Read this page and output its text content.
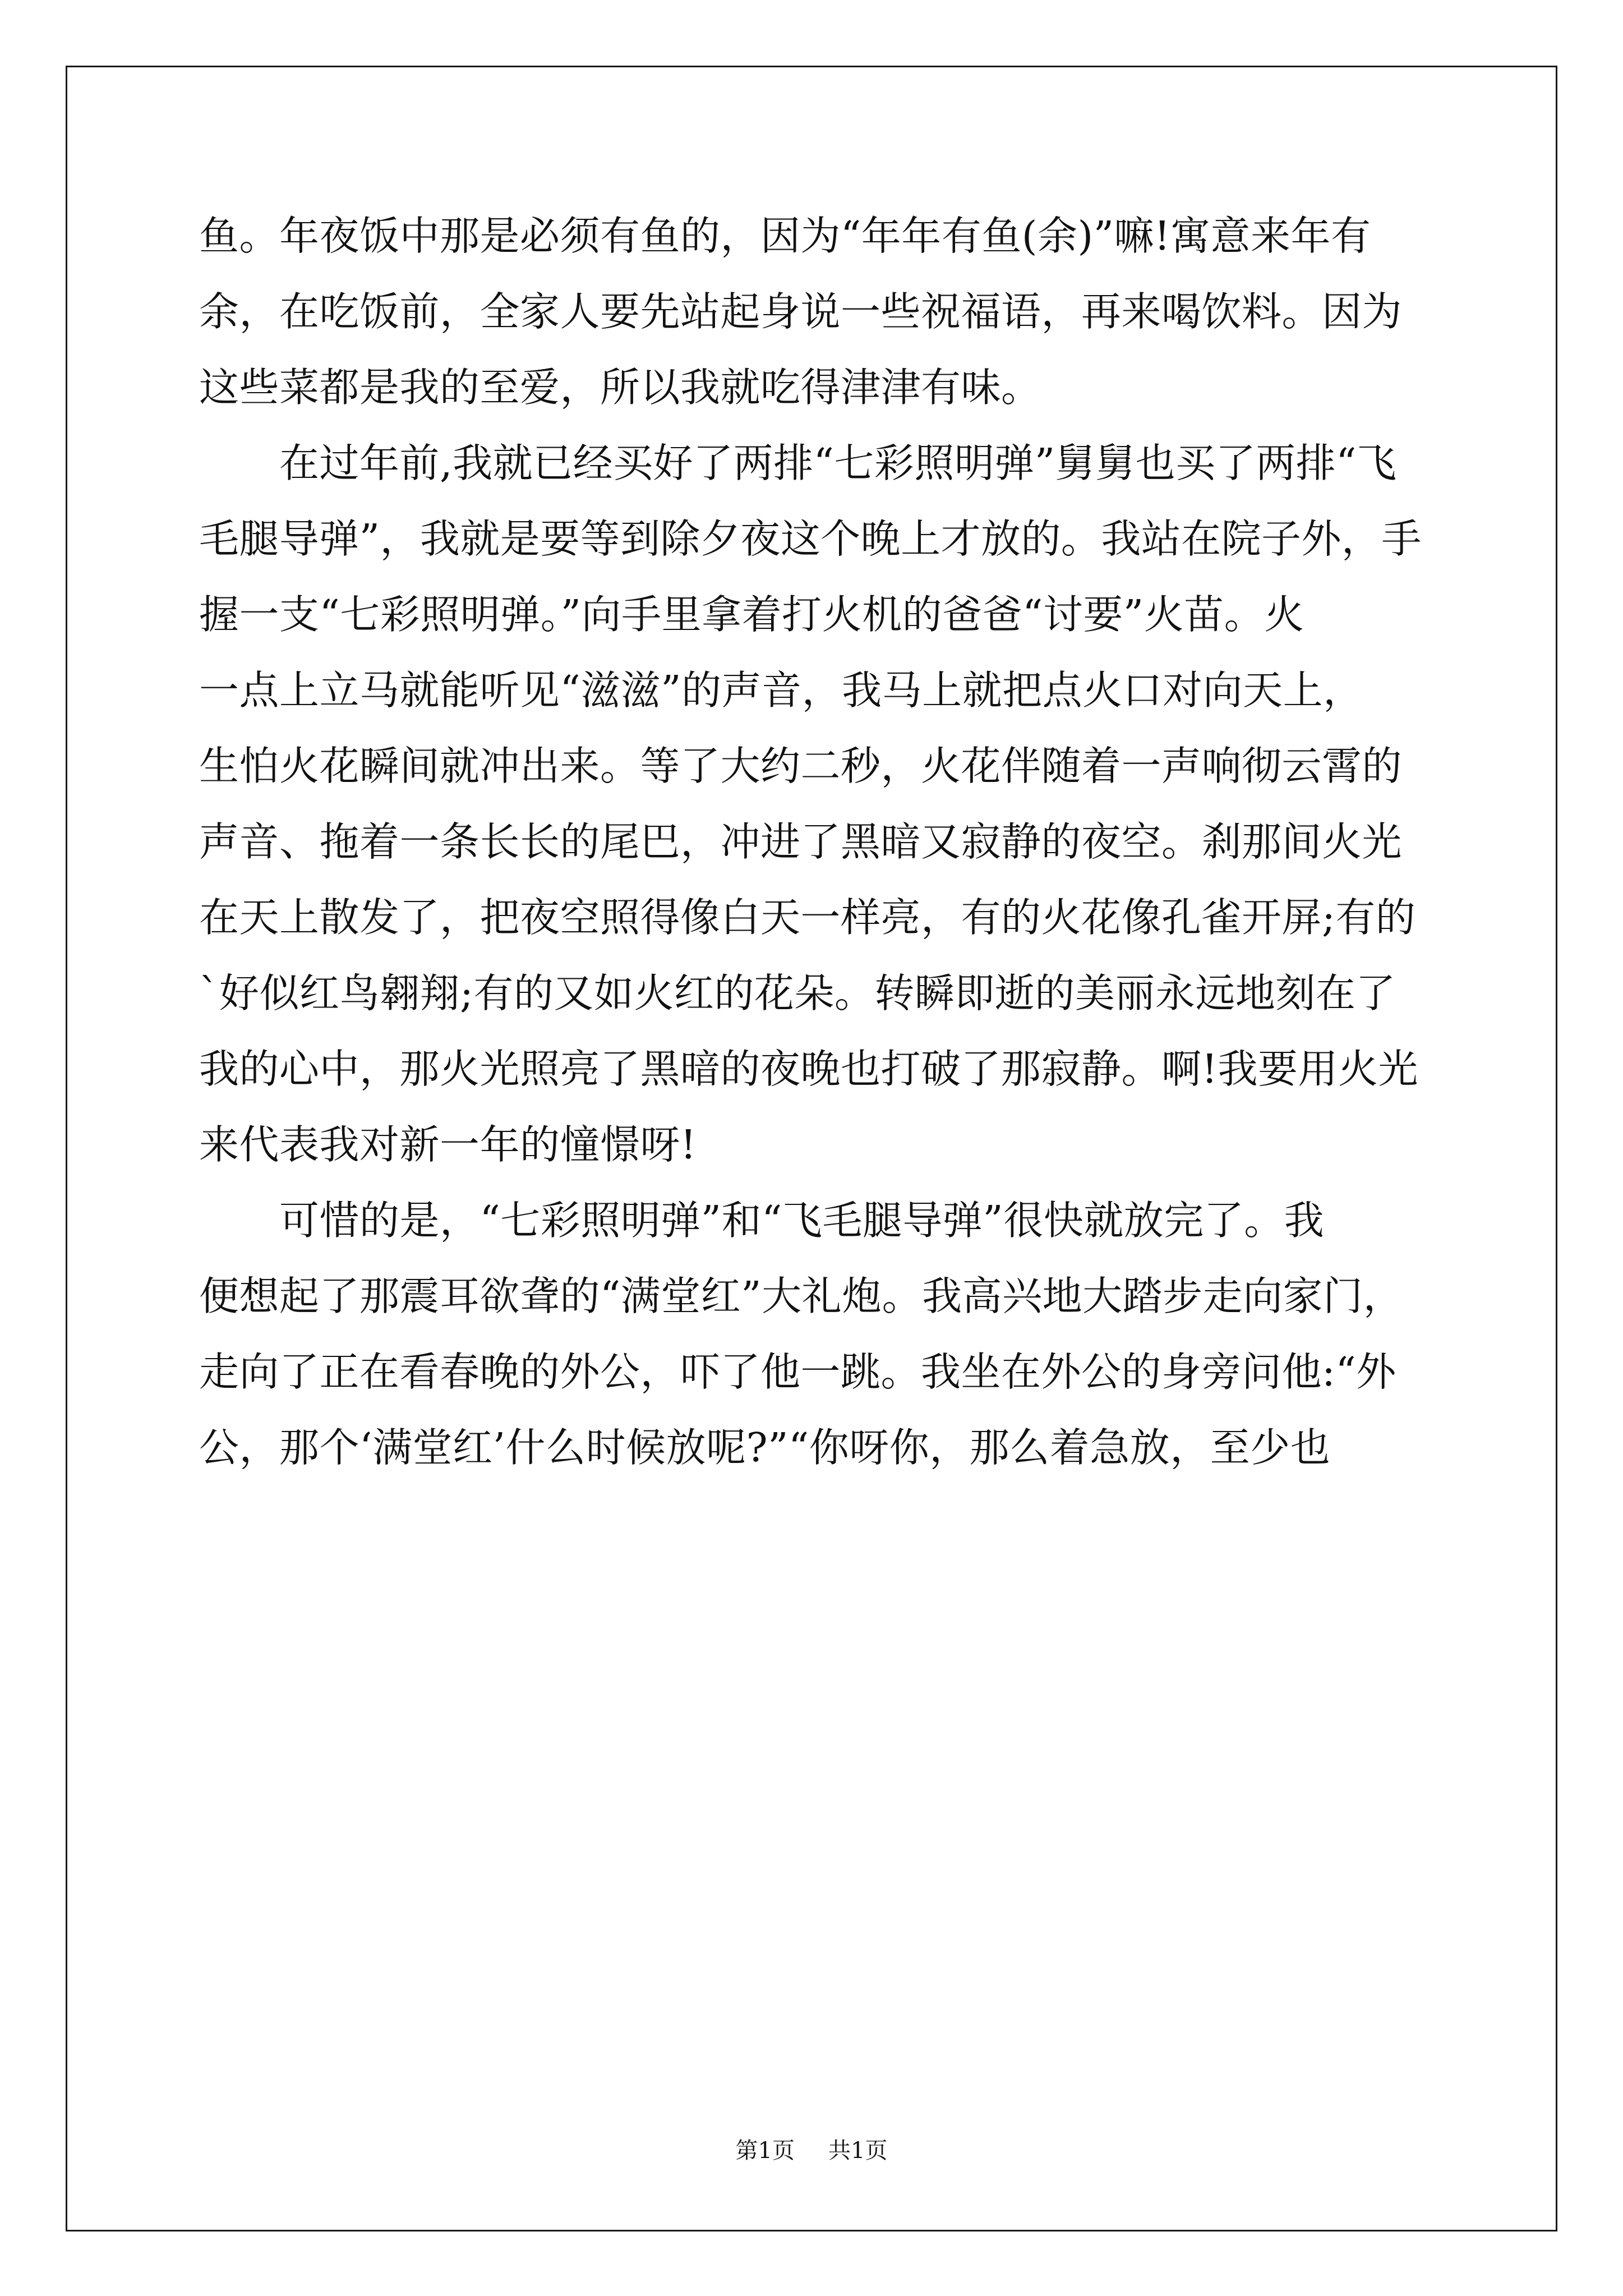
鱼。年夜饭中那是必须有鱼的，因为“年年有鱼(余)”嘛!寓意来年有
余，在吃饭前，全家人要先站起身说一些祝福语，再来喝饮料。因为
这些菜都是我的至爱，所以我就吃得津津有味。
　　在过年前,我就已经买好了两排“七彩照明弹”舅舅也买了两排“飞
毛腿导弹”，我就是要等到除夕夜这个晚上才放的。我站在院子外，手
握一支“七彩照明弹。”向手里拿着打火机的爸爸“讨要”火苗。火
一点上立马就能听见“滋滋”的声音，我马上就把点火口对向天上，
生怕火花瞬间就冲出来。等了大约二秒，火花伴随着一声响彻云霄的
声音、拖着一条长长的尾巴，冲进了黑暗又寂静的夜空。刹那间火光
在天上散发了，把夜空照得像白天一样亮，有的火花像孔雀开屏;有的
`好似红鸟翱翔;有的又如火红的花朵。转瞬即逝的美丽永远地刻在了
我的心中，那火光照亮了黑暗的夜晚也打破了那寂静。啊!我要用火光
来代表我对新一年的憧憬呀!
　　可惜的是，“七彩照明弹”和“飞毛腿导弹”很快就放完了。我
便想起了那震耳欲聋的“满堂红”大礼炮。我高兴地大踏步走向家门，
走向了正在看春晚的外公，吓了他一跳。我坐在外公的身旁问他:“外
公，那个‘满堂红’什么时候放呢?”“你呀你，那么着急放，至少也
第1页 共1页
